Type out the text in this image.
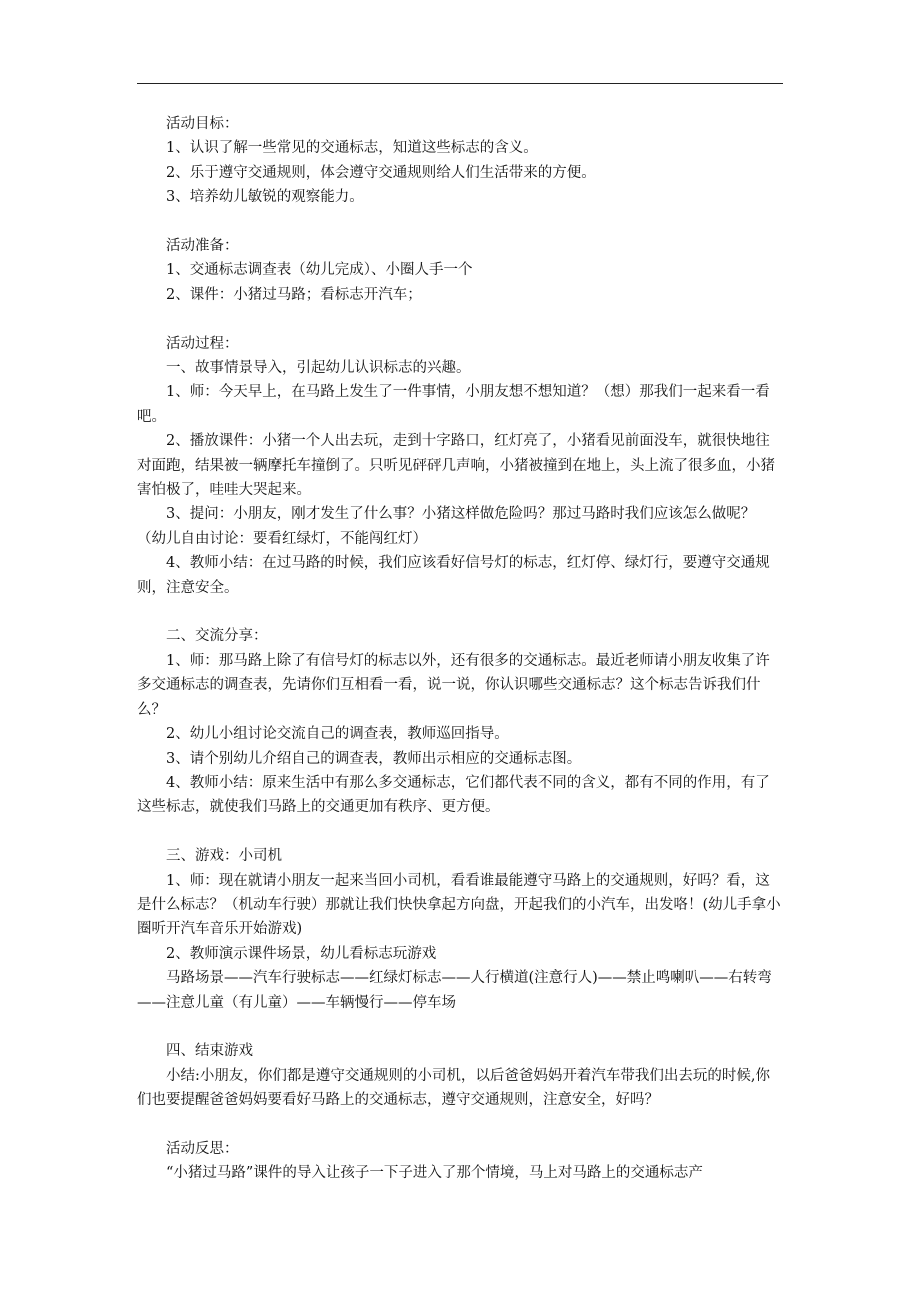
活动目标：

1、认识了解一些常见的交通标志，知道这些标志的含义。

2、乐于遵守交通规则，体会遵守交通规则给人们生活带来的方便。

3、培养幼儿敏锐的观察能力。

活动准备：

1、交通标志调查表（幼儿完成）、小圈人手一个

2、课件：小猪过马路；看标志开汽车；

活动过程：

一、故事情景导入，引起幼儿认识标志的兴趣。

1、师：今天早上，在马路上发生了一件事情，小朋友想不想知道？（想）那我们一起来看一看吧。

2、播放课件：小猪一个人出去玩，走到十字路口，红灯亮了，小猪看见前面没车，就很快地往对面跑，结果被一辆摩托车撞倒了。只听见砰砰几声响，小猪被撞到在地上，头上流了很多血，小猪害怕极了，哇哇大哭起来。

3、提问：小朋友，刚才发生了什么事？小猪这样做危险吗？那过马路时我们应该怎么做呢？（幼儿自由讨论：要看红绿灯，不能闯红灯）

4、教师小结：在过马路的时候，我们应该看好信号灯的标志，红灯停、绿灯行，要遵守交通规则，注意安全。

二、交流分享：

1、师：那马路上除了有信号灯的标志以外，还有很多的交通标志。最近老师请小朋友收集了许多交通标志的调查表，先请你们互相看一看，说一说，你认识哪些交通标志？这个标志告诉我们什么？

2、幼儿小组讨论交流自己的调查表，教师巡回指导。

3、请个别幼儿介绍自己的调查表，教师出示相应的交通标志图。

4、教师小结：原来生活中有那么多交通标志，它们都代表不同的含义，都有不同的作用，有了这些标志，就使我们马路上的交通更加有秩序、更方便。

三、游戏：小司机

1、师：现在就请小朋友一起来当回小司机，看看谁最能遵守马路上的交通规则，好吗？看，这是什么标志？（机动车行驶）那就让我们快快拿起方向盘，开起我们的小汽车，出发咯！(幼儿手拿小圈听开汽车音乐开始游戏)

2、教师演示课件场景，幼儿看标志玩游戏

马路场景——汽车行驶标志——红绿灯标志——人行横道(注意行人)——禁止鸣喇叭——右转弯——注意儿童（有儿童）——车辆慢行——停车场

四、结束游戏

小结:小朋友，你们都是遵守交通规则的小司机，以后爸爸妈妈开着汽车带我们出去玩的时候,你们也要提醒爸爸妈妈要看好马路上的交通标志，遵守交通规则，注意安全，好吗？

活动反思：

“小猪过马路”课件的导入让孩子一下子进入了那个情境，马上对马路上的交通标志产
